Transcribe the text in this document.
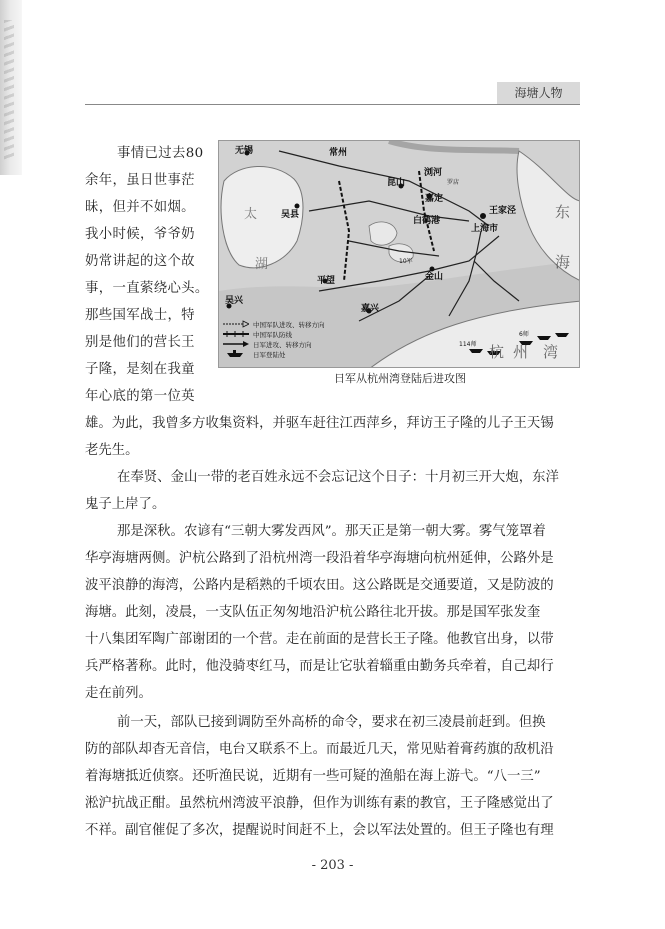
海塘人物
无锡	常州
太
湖
吴县
昆山
浏河
罗店
嘉定
白鹤港
王家泾
上海市
东
海
金山
平望
吴兴
嘉兴
10军
114师
6师
杭 州 湾
中国军队进攻、转移方向
中国军队防线
日军进攻、转移方向
日军登陆处
日军从杭州湾登陆后进攻图
事情已过去80
余年，虽日世事茫
昧，但并不如烟。
我小时候，爷爷奶
奶常讲起的这个故
事，一直萦绕心头。
那些国军战士，特
别是他们的营长王
子隆，是刻在我童
年心底的第一位英
雄。为此，我曾多方收集资料，并驱车赶往江西萍乡，拜访王子隆的儿子王天锡
老先生。
在奉贤、金山一带的老百姓永远不会忘记这个日子：十月初三开大炮，东洋
鬼子上岸了。
那是深秋。农谚有“三朝大雾发西风”。那天正是第一朝大雾。雾气笼罩着
华亭海塘两侧。沪杭公路到了沿杭州湾一段沿着华亭海塘向杭州延伸，公路外是
波平浪静的海湾，公路内是稻熟的千顷农田。这公路既是交通要道，又是防波的
海塘。此刻，凌晨，一支队伍正匆匆地沿沪杭公路往北开拔。那是国军张发奎
十八集团军陶广部谢团的一个营。走在前面的是营长王子隆。他教官出身，以带
兵严格著称。此时，他没骑枣红马，而是让它驮着辎重由勤务兵牵着，自己却行
走在前列。
前一天，部队已接到调防至外高桥的命令，要求在初三凌晨前赶到。但换
防的部队却杳无音信，电台又联系不上。而最近几天，常见贴着膏药旗的敌机沿
着海塘抵近侦察。还听渔民说，近期有一些可疑的渔船在海上游弋。“八一三”
淞沪抗战正酣。虽然杭州湾波平浪静，但作为训练有素的教官，王子隆感觉出了
不祥。副官催促了多次，提醒说时间赶不上，会以军法处置的。但王子隆也有理
- 203 -
